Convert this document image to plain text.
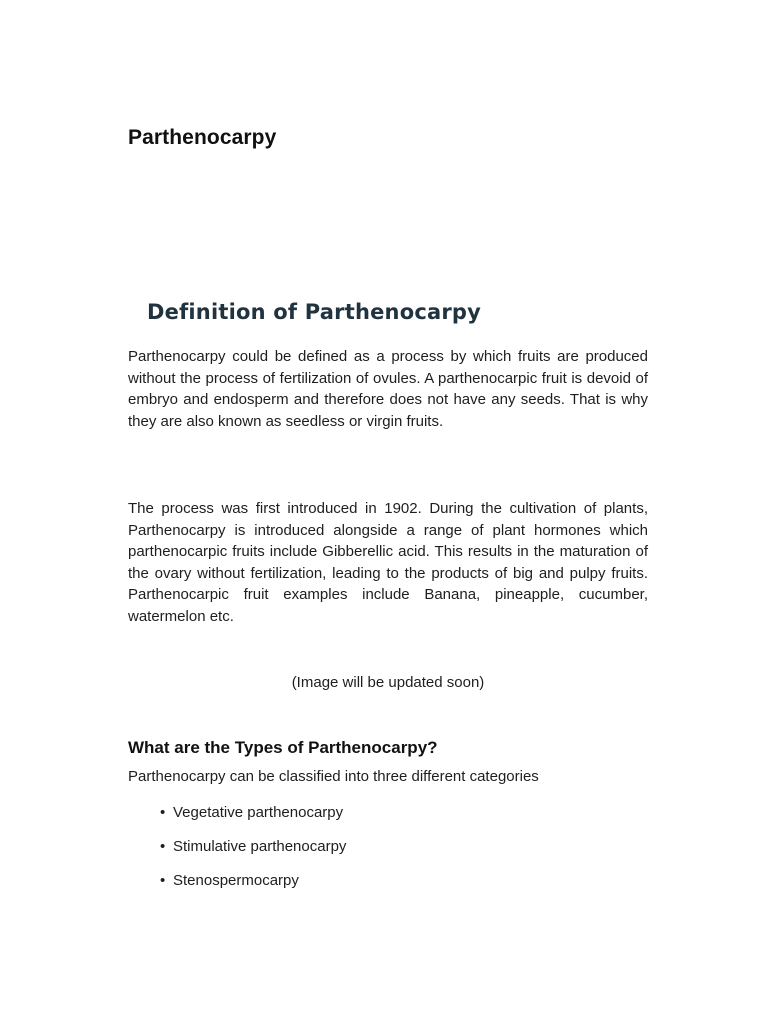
Parthenocarpy
Definition of Parthenocarpy

Parthenocarpy could be defined as a process by which fruits are produced without the process of fertilization of ovules. A parthenocarpic fruit is devoid of embryo and endosperm and therefore does not have any seeds. That is why they are also known as seedless or virgin fruits.

The process was first introduced in 1902. During the cultivation of plants, Parthenocarpy is introduced alongside a range of plant hormones which parthenocarpic fruits include Gibberellic acid. This results in the maturation of the ovary without fertilization, leading to the products of big and pulpy fruits. Parthenocarpic fruit examples include Banana, pineapple, cucumber, watermelon etc.

(Image will be updated soon)

What are the Types of Parthenocarpy?

Parthenocarpy can be classified into three different categories

• Vegetative parthenocarpy
• Stimulative parthenocarpy
• Stenospermocarpy
